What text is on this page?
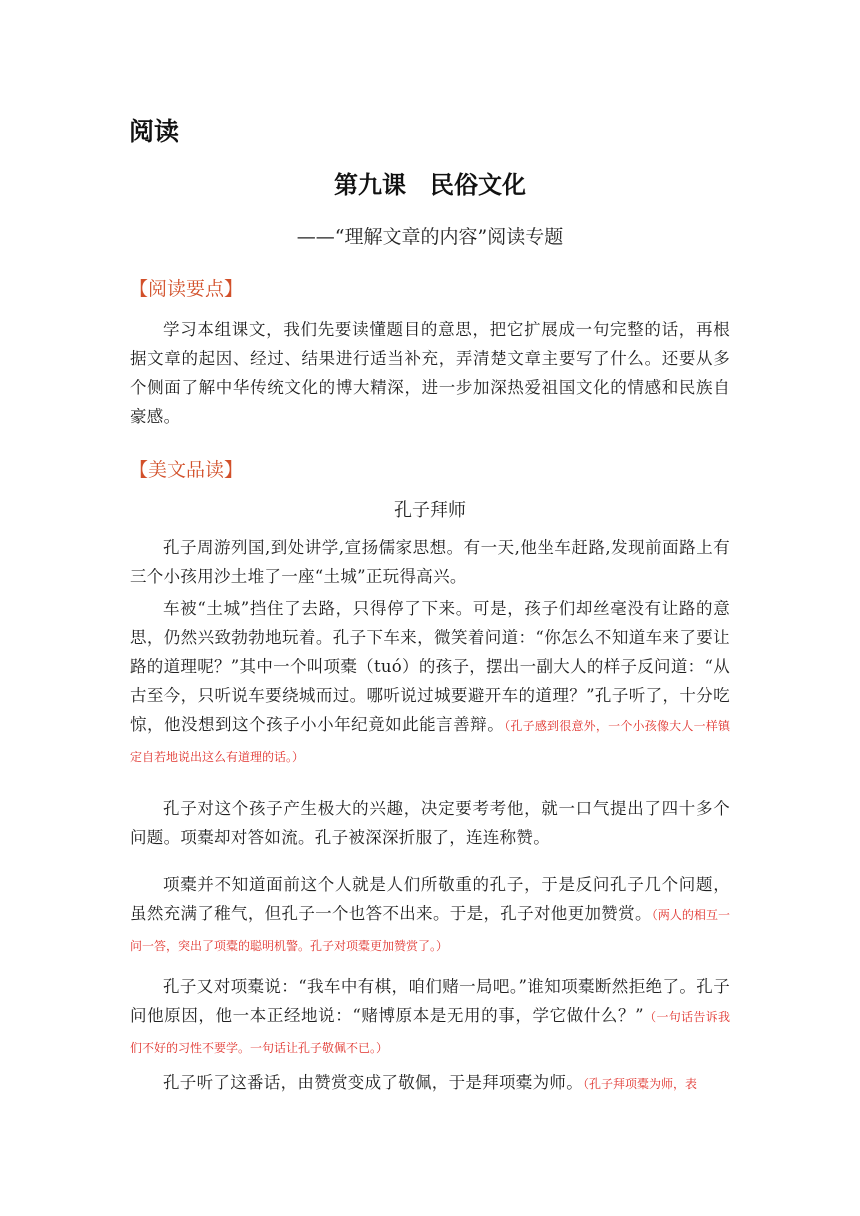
阅读
第九课　民俗文化
——“理解文章的内容”阅读专题
【阅读要点】
学习本组课文，我们先要读懂题目的意思，把它扩展成一句完整的话，再根据文章的起因、经过、结果进行适当补充，弄清楚文章主要写了什么。还要从多个侧面了解中华传统文化的博大精深，进一步加深热爱祖国文化的情感和民族自豪感。
【美文品读】
孔子拜师
孔子周游列国,到处讲学,宣扬儒家思想。有一天,他坐车赶路,发现前面路上有三个小孩用沙土堆了一座“土城”正玩得高兴。
车被“土城”挡住了去路，只得停了下来。可是，孩子们却丝毫没有让路的意思，仍然兴致勃勃地玩着。孔子下车来，微笑着问道：“你怎么不知道车来了要让路的道理呢？”其中一个叫项橐（tuó）的孩子，摆出一副大人的样子反问道：“从古至今，只听说车要绕城而过。哪听说过城要避开车的道理？”孔子听了，十分吃惊，他没想到这个孩子小小年纪竟如此能言善辩。（孔子感到很意外，一个小孩像大人一样镇定自若地说出这么有道理的话。）
孔子对这个孩子产生极大的兴趣，决定要考考他，就一口气提出了四十多个问题。项橐却对答如流。孔子被深深折服了，连连称赞。
项橐并不知道面前这个人就是人们所敬重的孔子，于是反问孔子几个问题，虽然充满了稚气，但孔子一个也答不出来。于是，孔子对他更加赞赏。（两人的相互一问一答，突出了项橐的聪明机警。孔子对项橐更加赞赏了。）
孔子又对项橐说：“我车中有棋，咱们赌一局吧。”谁知项橐断然拒绝了。孔子问他原因，他一本正经地说：“赌博原本是无用的事，学它做什么？”（一句话告诉我们不好的习性不要学。一句话让孔子敬佩不已。）
孔子听了这番话，由赞赏变成了敬佩，于是拜项橐为师。（孔子拜项橐为师，表
